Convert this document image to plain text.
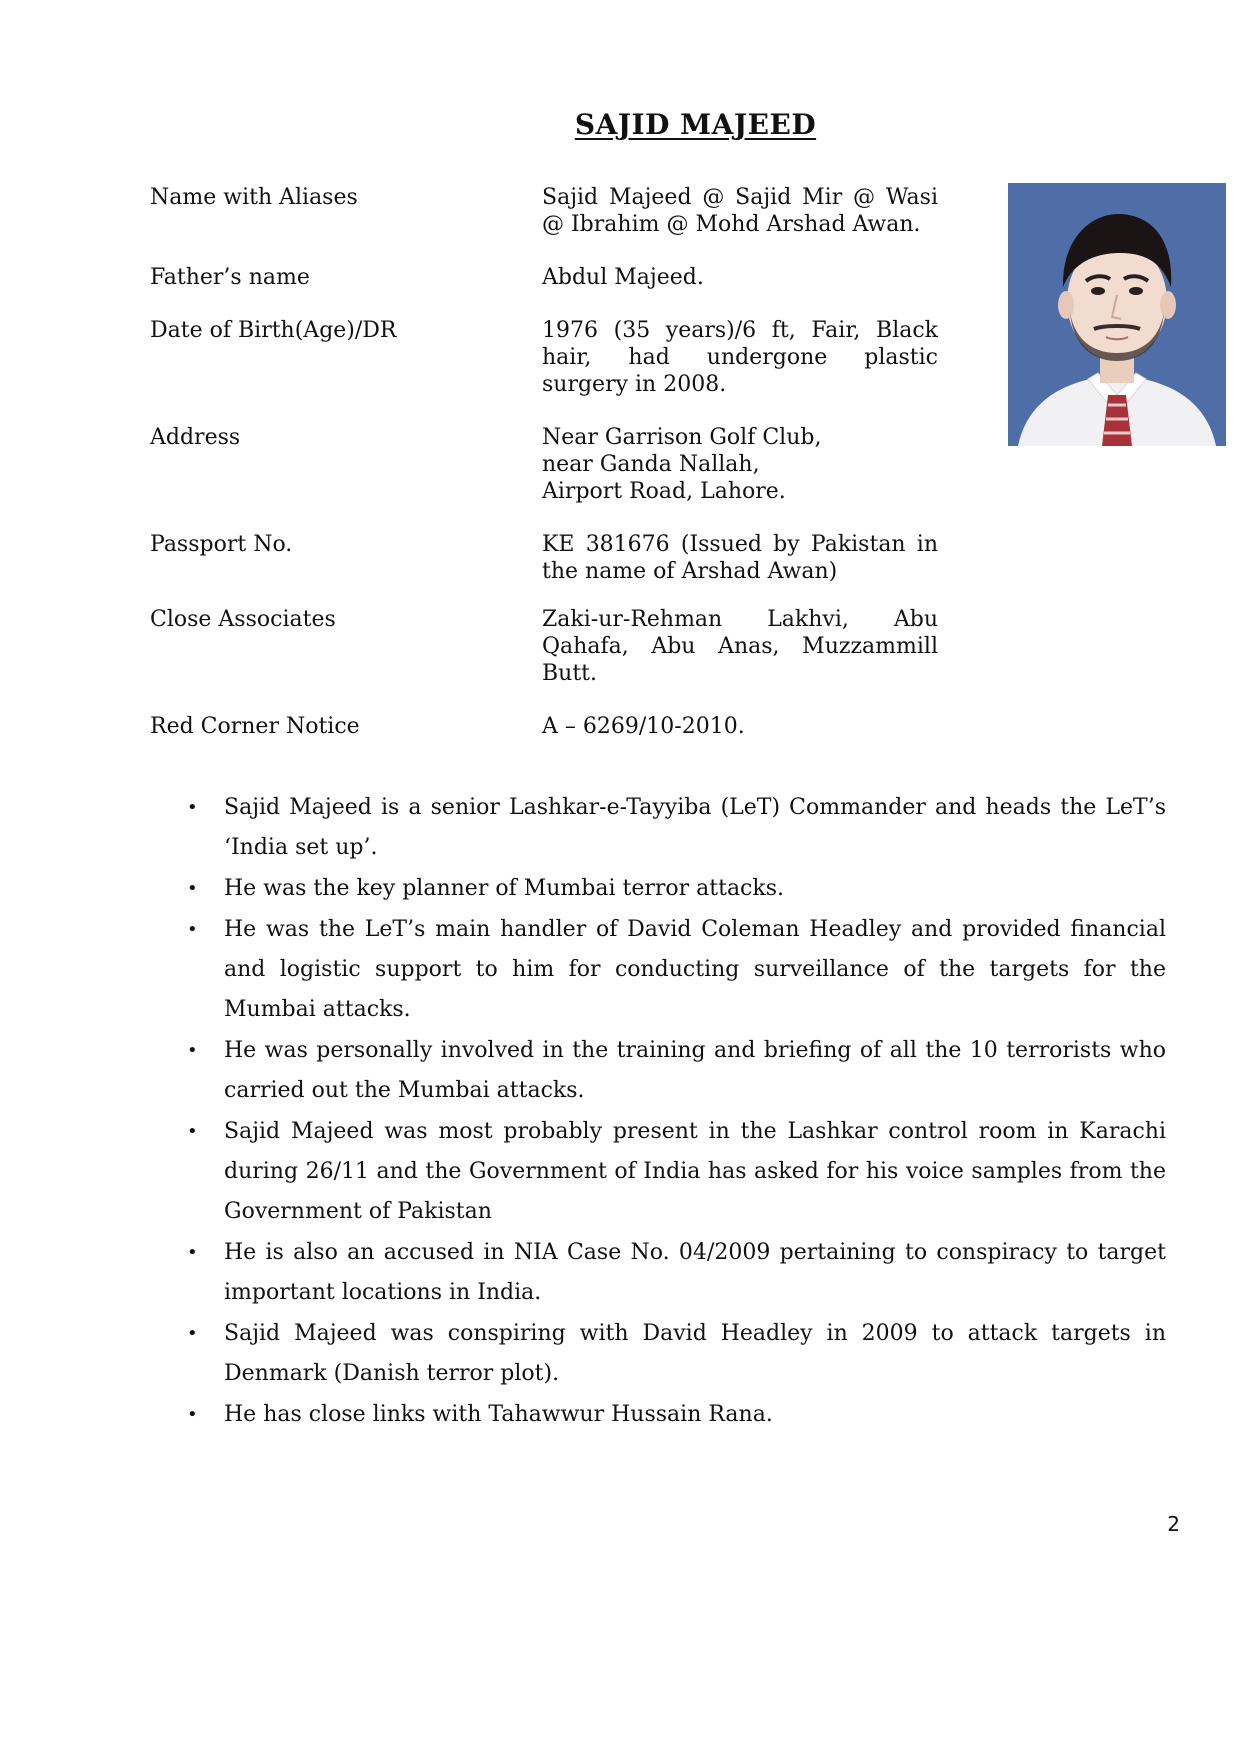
SAJID MAJEED
Name with Aliases	Sajid Majeed @ Sajid Mir @ Wasi @ Ibrahim @ Mohd Arshad Awan.
Father’s name	Abdul Majeed.
Date of Birth(Age)/DR	1976 (35 years)/6 ft, Fair, Black hair, had undergone plastic surgery in 2008.
Address	Near Garrison Golf Club,
near Ganda Nallah,
Airport Road, Lahore.
Passport No.	KE 381676 (Issued by Pakistan in the name of Arshad Awan)
Close Associates	Zaki-ur-Rehman Lakhvi, Abu Qahafa, Abu Anas, Muzzammill Butt.
Red Corner Notice	A – 6269/10-2010.
• Sajid Majeed is a senior Lashkar-e-Tayyiba (LeT) Commander and heads the LeT’s ‘India set up’.
• He was the key planner of Mumbai terror attacks.
• He was the LeT’s main handler of David Coleman Headley and provided financial and logistic support to him for conducting surveillance of the targets for the Mumbai attacks.
• He was personally involved in the training and briefing of all the 10 terrorists who carried out the Mumbai attacks.
• Sajid Majeed was most probably present in the Lashkar control room in Karachi during 26/11 and the Government of India has asked for his voice samples from the Government of Pakistan
• He is also an accused in NIA Case No. 04/2009 pertaining to conspiracy to target important locations in India.
• Sajid Majeed was conspiring with David Headley in 2009 to attack targets in Denmark (Danish terror plot).
• He has close links with Tahawwur Hussain Rana.
2
